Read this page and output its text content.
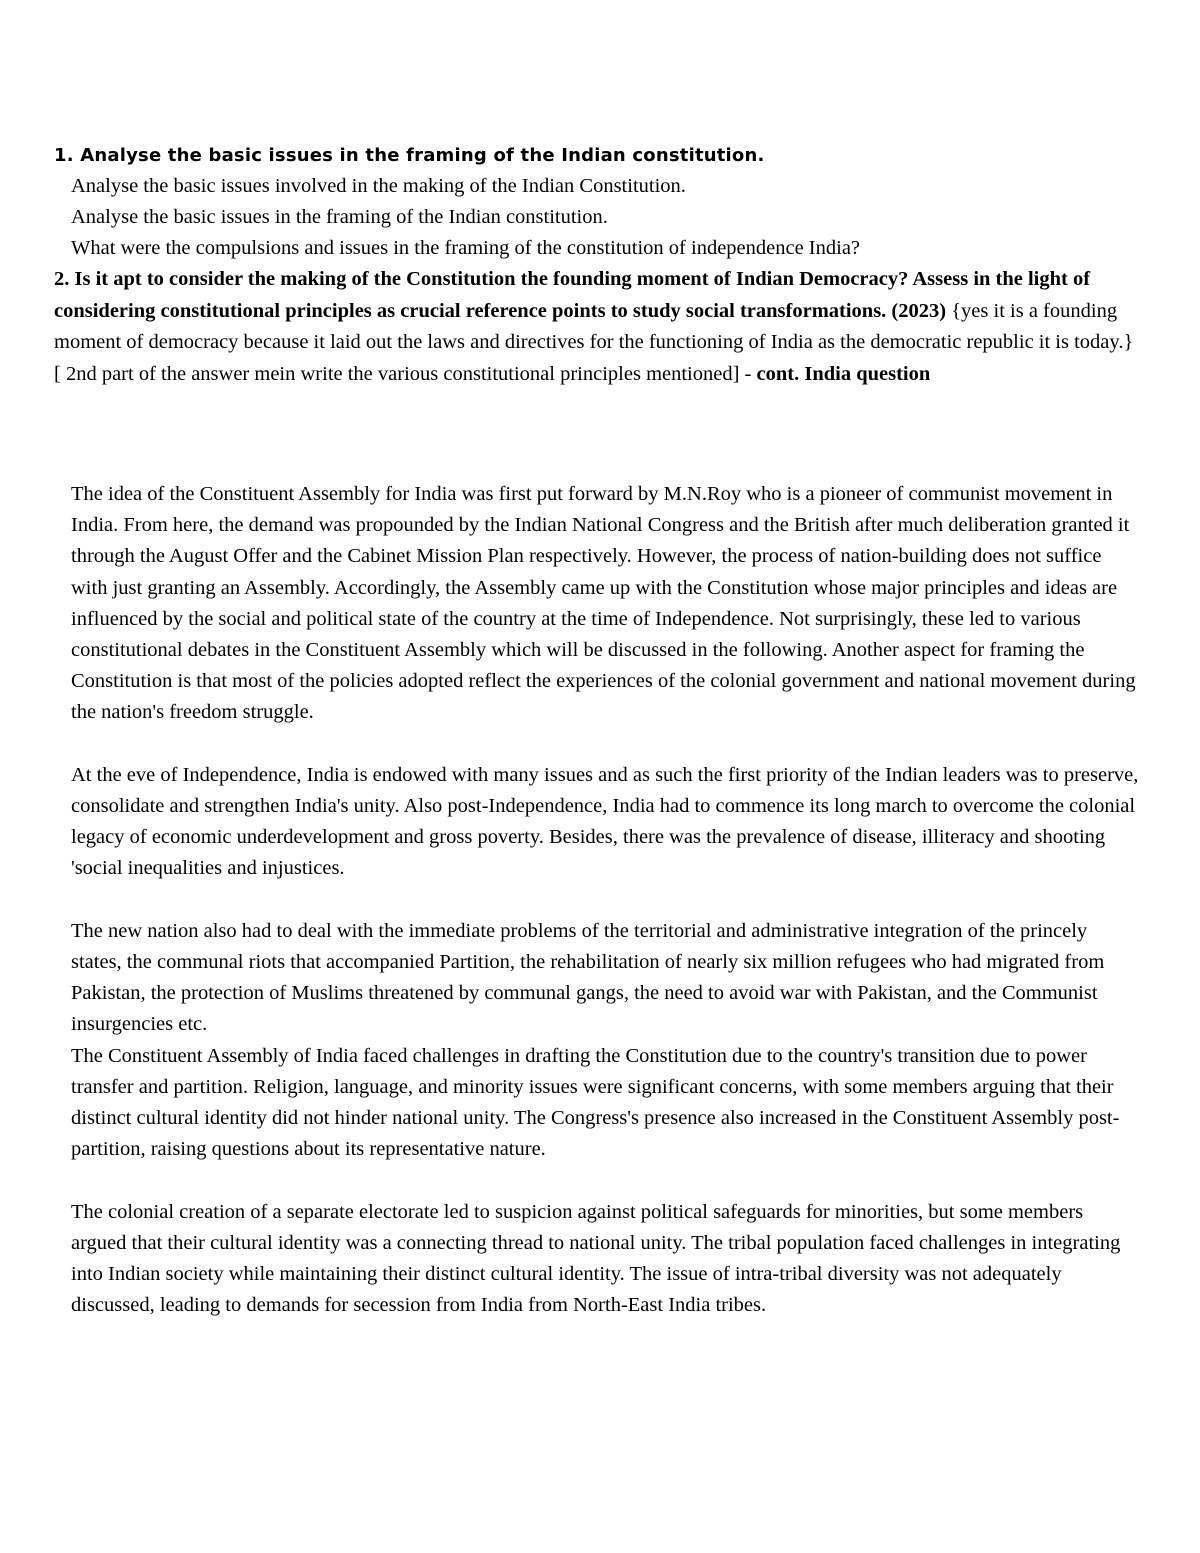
1. Analyse the basic issues in the framing of the Indian constitution.
Analyse the basic issues involved in the making of the Indian Constitution.
Analyse the basic issues in the framing of the Indian constitution.
What were the compulsions and issues in the framing of the constitution of independence India?
2. Is it apt to consider the making of the Constitution the founding moment of Indian Democracy? Assess in the light of considering constitutional principles as crucial reference points to study social transformations. (2023) {yes it is a founding moment of democracy because it laid out the laws and directives for the functioning of India as the democratic republic it is today.} [ 2nd part of the answer mein write the various constitutional principles mentioned] - cont. India question

The idea of the Constituent Assembly for India was first put forward by M.N.Roy who is a pioneer of communist movement in India. From here, the demand was propounded by the Indian National Congress and the British after much deliberation granted it through the August Offer and the Cabinet Mission Plan respectively. However, the process of nation-building does not suffice with just granting an Assembly. Accordingly, the Assembly came up with the Constitution whose major principles and ideas are influenced by the social and political state of the country at the time of Independence. Not surprisingly, these led to various constitutional debates in the Constituent Assembly which will be discussed in the following. Another aspect for framing the Constitution is that most of the policies adopted reflect the experiences of the colonial government and national movement during the nation's freedom struggle.

At the eve of Independence, India is endowed with many issues and as such the first priority of the Indian leaders was to preserve, consolidate and strengthen India's unity. Also post-Independence, India had to commence its long march to overcome the colonial legacy of economic underdevelopment and gross poverty. Besides, there was the prevalence of disease, illiteracy and shooting 'social inequalities and injustices.

The new nation also had to deal with the immediate problems of the territorial and administrative integration of the princely states, the communal riots that accompanied Partition, the rehabilitation of nearly six million refugees who had migrated from Pakistan, the protection of Muslims threatened by communal gangs, the need to avoid war with Pakistan, and the Communist insurgencies etc.

The Constituent Assembly of India faced challenges in drafting the Constitution due to the country's transition due to power transfer and partition. Religion, language, and minority issues were significant concerns, with some members arguing that their distinct cultural identity did not hinder national unity. The Congress's presence also increased in the Constituent Assembly post-partition, raising questions about its representative nature.

The colonial creation of a separate electorate led to suspicion against political safeguards for minorities, but some members argued that their cultural identity was a connecting thread to national unity. The tribal population faced challenges in integrating into Indian society while maintaining their distinct cultural identity. The issue of intra-tribal diversity was not adequately discussed, leading to demands for secession from India from North-East India tribes.
